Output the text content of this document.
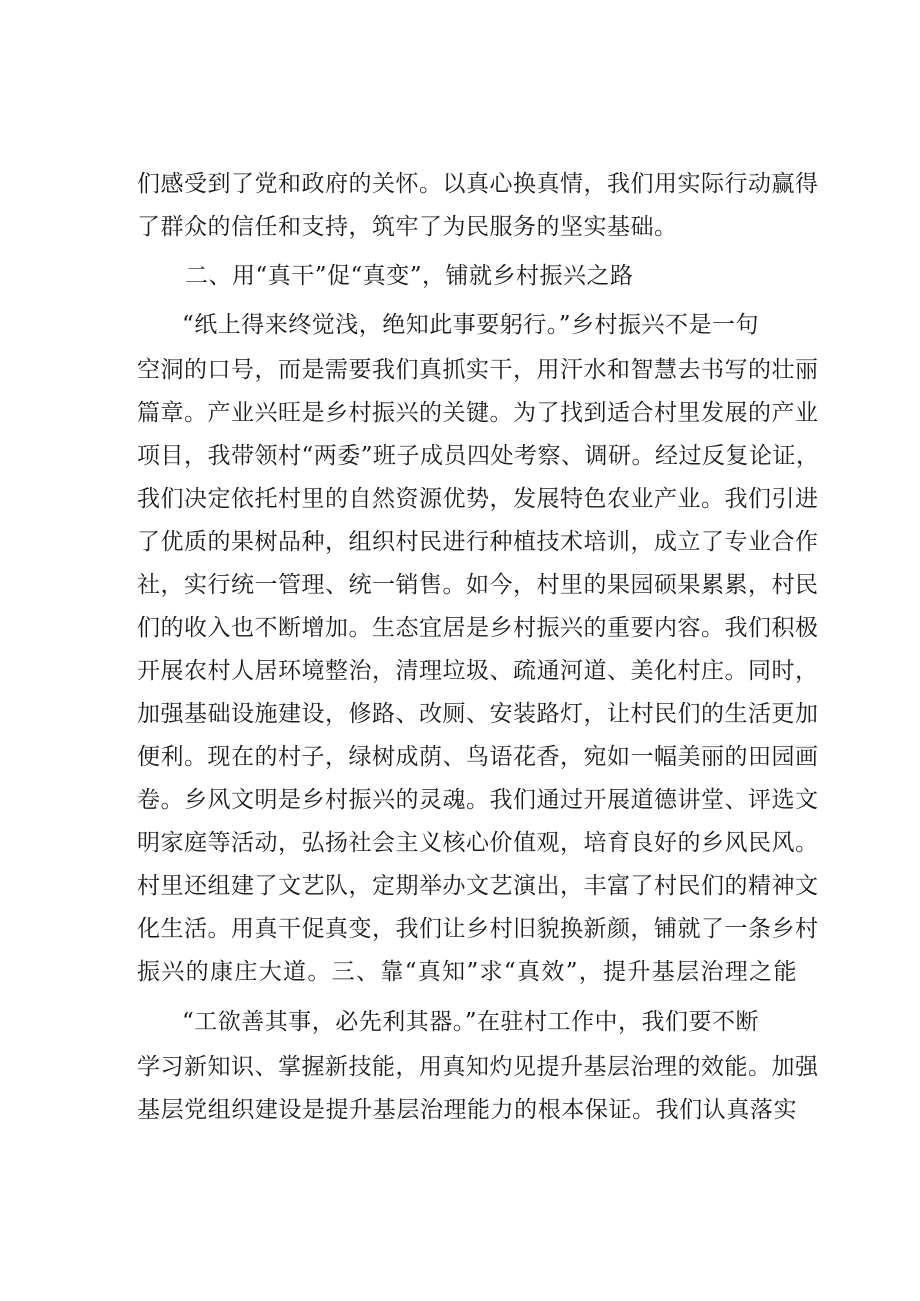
们感受到了党和政府的关怀。以真心换真情，我们用实际行动赢得
了群众的信任和支持，筑牢了为民服务的坚实基础。
二、用“真干”促“真变”，铺就乡村振兴之路
“纸上得来终觉浅，绝知此事要躬行。”乡村振兴不是一句
空洞的口号，而是需要我们真抓实干，用汗水和智慧去书写的壮丽
篇章。产业兴旺是乡村振兴的关键。为了找到适合村里发展的产业
项目，我带领村“两委”班子成员四处考察、调研。经过反复论证，
我们决定依托村里的自然资源优势，发展特色农业产业。我们引进
了优质的果树品种，组织村民进行种植技术培训，成立了专业合作
社，实行统一管理、统一销售。如今，村里的果园硕果累累，村民
们的收入也不断增加。生态宜居是乡村振兴的重要内容。我们积极
开展农村人居环境整治，清理垃圾、疏通河道、美化村庄。同时，
加强基础设施建设，修路、改厕、安装路灯，让村民们的生活更加
便利。现在的村子，绿树成荫、鸟语花香，宛如一幅美丽的田园画
卷。乡风文明是乡村振兴的灵魂。我们通过开展道德讲堂、评选文
明家庭等活动，弘扬社会主义核心价值观，培育良好的乡风民风。
村里还组建了文艺队，定期举办文艺演出，丰富了村民们的精神文
化生活。用真干促真变，我们让乡村旧貌换新颜，铺就了一条乡村
振兴的康庄大道。三、靠“真知”求“真效”，提升基层治理之能
“工欲善其事，必先利其器。”在驻村工作中，我们要不断
学习新知识、掌握新技能，用真知灼见提升基层治理的效能。加强
基层党组织建设是提升基层治理能力的根本保证。我们认真落实
